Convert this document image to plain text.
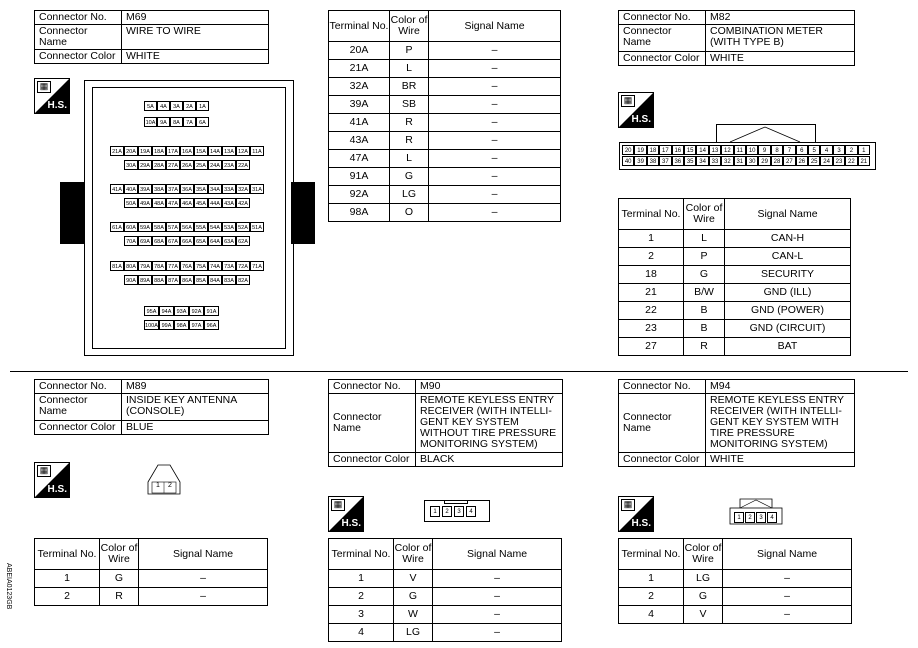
Connector No.	M69
Connector Name	WIRE TO WIRE
Connector Color	WHITE
▦
H.S.	5A	4A	3A	2A	1A
10A 9A	8A	7A	6A
21A 20A 19A 18A 17A 16A 15A 14A 13A 12A 11A
30A 29A 28A 27A 26A 25A 24A 23A 22A
41A 40A 39A 38A 37A 36A 35A 34A 33A 32A 31A
50A 49A 48A 47A 46A 45A 44A 43A 42A
61A 60A 59A 58A 57A 56A 55A 54A 53A 52A 51A
70A 69A 68A 67A 66A 65A 64A 63A 62A
81A 80A 79A 78A 77A 76A 75A 74A 73A 72A 71A
90A 89A 88A 87A 86A 85A 84A 83A 82A
95A 94A 93A 92A 91A
100A 99A 98A 97A 96A
Terminal No.	Color of Wire	Signal Name
20A	P	–
21A	L	–
32A	BR	–
39A	SB	–
41A	R	–
43A	R	–
47A	L	–
91A	G	–
92A	LG	–
98A	O	–
Connector No.	M82
Connector Name	COMBINATION METER (WITH TYPE B)
Connector Color	WHITE
▦
H.S.
20 19 18 17 16 15 14 13 12 11 10	9	8	7	6	5	4	3	2	1
40 39 38 37 36 35 34 33 32 31 30 29 28 27 26 25 24 23 22 21
Terminal No.	Color of Wire	Signal Name
1	L	CAN-H
2	P	CAN-L
18	G	SECURITY
21	B/W	GND (ILL)
22	B	GND (POWER)
23	B	GND (CIRCUIT)
27	R	BAT
Connector No.	M89
Connector Name	INSIDE KEY ANTENNA (CONSOLE)
Connector Color	BLUE
▦
H.S.	1	2
Terminal No.	Color of Wire	Signal Name
1	G	–
2	R	–
Connector No.	M90
Connector Name	REMOTE KEYLESS ENTRY RECEIVER (WITH INTELLI-GENT KEY SYSTEM WITHOUT TIRE PRESSURE MONITORING SYSTEM)
Connector Color	BLACK
▦
H.S.
1	2	3	4
Terminal No.	Color of Wire	Signal Name
1	V	–
2	G	–
3	W	–
4	LG	–
Connector No.	M94
Connector Name	REMOTE KEYLESS ENTRY RECEIVER (WITH INTELLI-GENT KEY SYSTEM WITH TIRE PRESSURE MONITORING SYSTEM)
Connector Color	WHITE
▦
H.S.	1	2	3	4
Terminal No.	Color of Wire	Signal Name
1	LG	–
2	G	–
4	V	–
ABEIA0123GB
